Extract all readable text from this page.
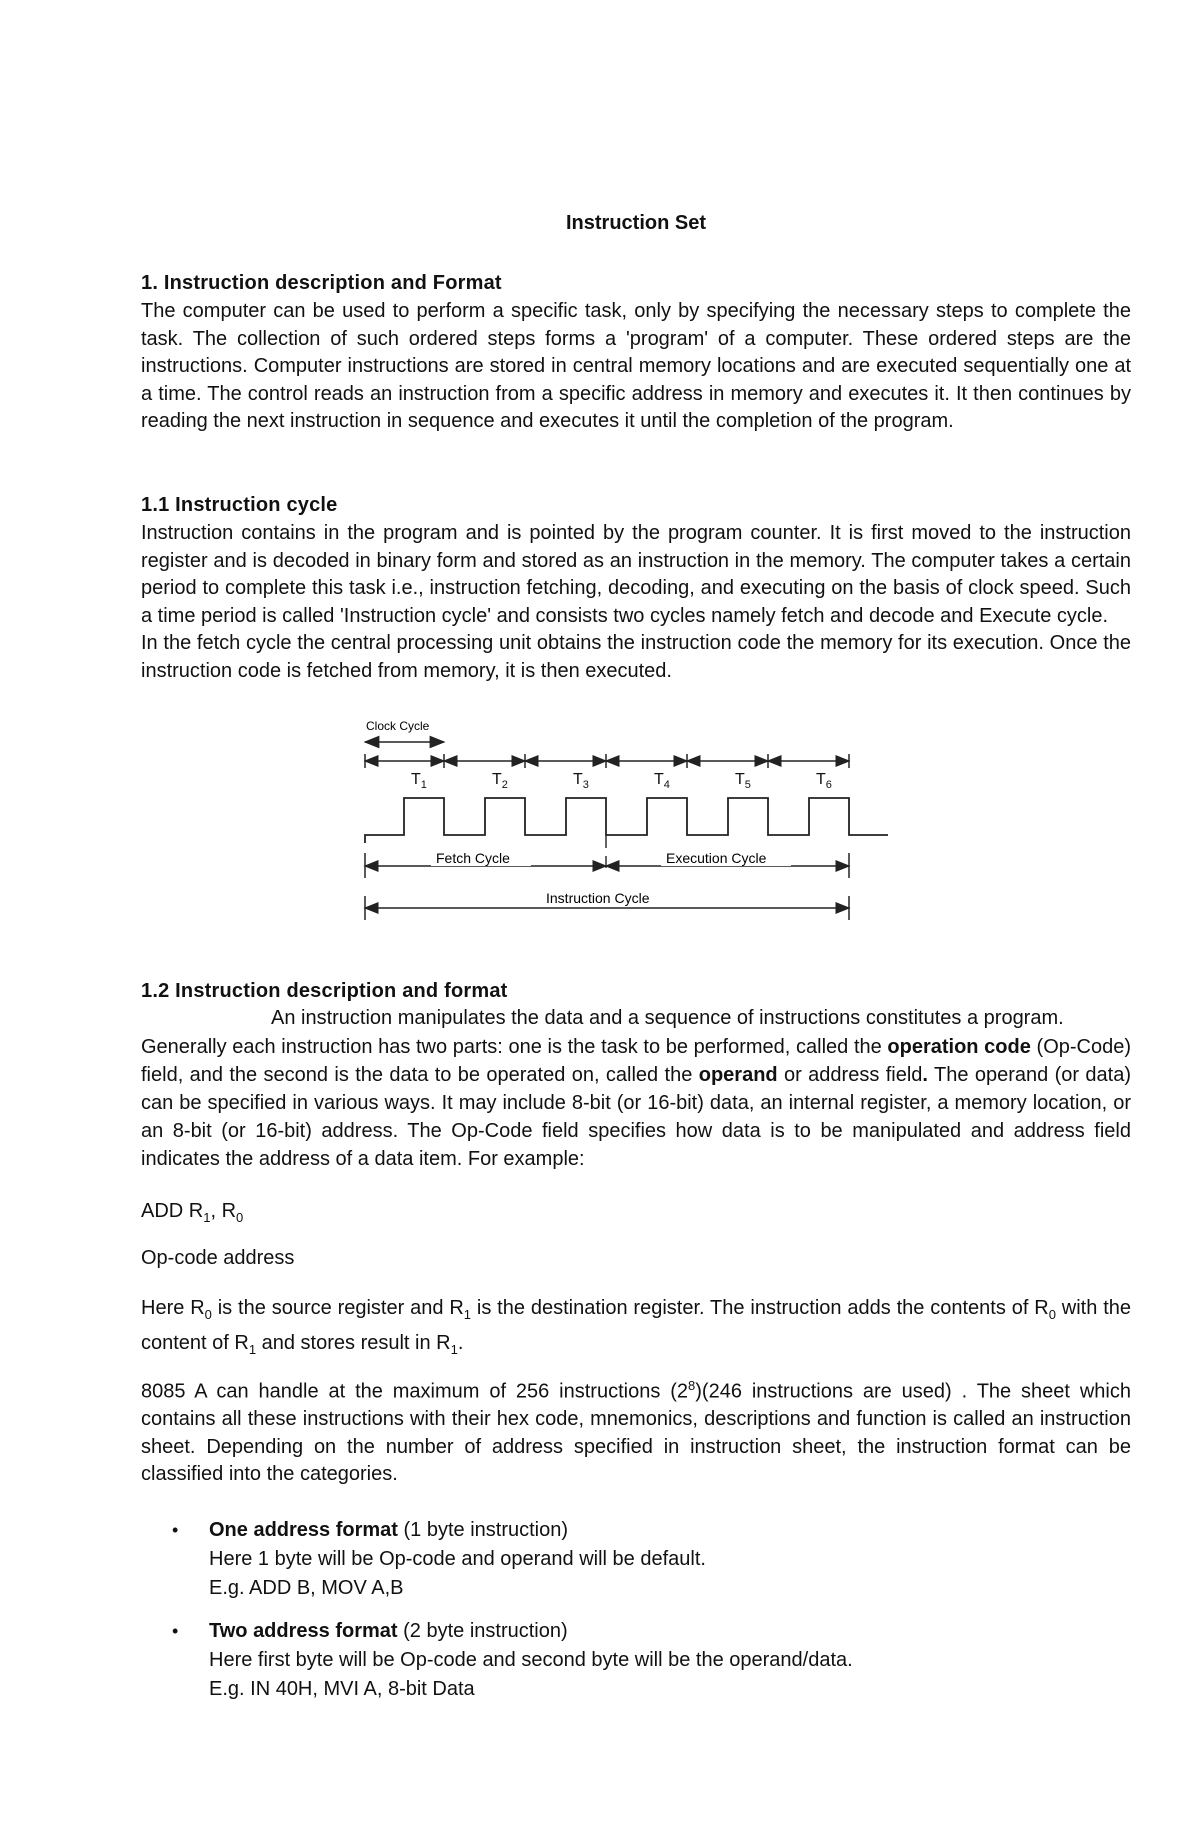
Instruction Set
1. Instruction description and Format

The computer can be used to perform a specific task, only by specifying the necessary steps to complete the task. The collection of such ordered steps forms a 'program' of a computer. These ordered steps are the instructions. Computer instructions are stored in central memory locations and are executed sequentially one at a time. The control reads an instruction from a specific address in memory and executes it. It then continues by reading the next instruction in sequence and executes it until the completion of the program.

1.1 Instruction cycle

Instruction contains in the program and is pointed by the program counter. It is first moved to the instruction register and is decoded in binary form and stored as an instruction in the memory. The computer takes a certain period to complete this task i.e., instruction fetching, decoding, and executing on the basis of clock speed. Such a time period is called 'Instruction cycle' and consists two cycles namely fetch and decode and Execute cycle.

In the fetch cycle the central processing unit obtains the instruction code the memory for its execution. Once the instruction code is fetched from memory, it is then executed.

Clock Cycle
$T_1$	$T_2$	$T_3$	$T_4$	$T_5$	$T_6$
Fetch Cycle	Execution Cycle
Instruction Cycle
1.2 Instruction description and format
An instruction manipulates the data and a sequence of instructions constitutes a program.

Generally each instruction has two parts: one is the task to be performed, called the operation code (Op-Code) field, and the second is the data to be operated on, called the operand or address field. The operand (or data) can be specified in various ways. It may include 8-bit (or 16-bit) data, an internal register, a memory location, or an 8-bit (or 16-bit) address. The Op-Code field specifies how data is to be manipulated and address field indicates the address of a data item. For example:

ADD $R_1$, $R_0$
Op-code address

Here $R_0$ is the source register and $R_1$ is the destination register. The instruction adds the contents of $R_0$ with the content of $R_1$ and stores result in $R_1$.

8085 A can handle at the maximum of 256 instructions $(2^8)(246$ instructions are used) . The sheet which contains all these instructions with their hex code, mnemonics, descriptions and function is called an instruction sheet. Depending on the number of address specified in instruction sheet, the instruction format can be classified into the categories.

• One address format (1 byte instruction)
Here 1 byte will be Op-code and operand will be default.
E.g. ADD B, MOV A,B
• Two address format (2 byte instruction)
Here first byte will be Op-code and second byte will be the operand/data.
E.g. IN 40H, MVI A, 8-bit Data
